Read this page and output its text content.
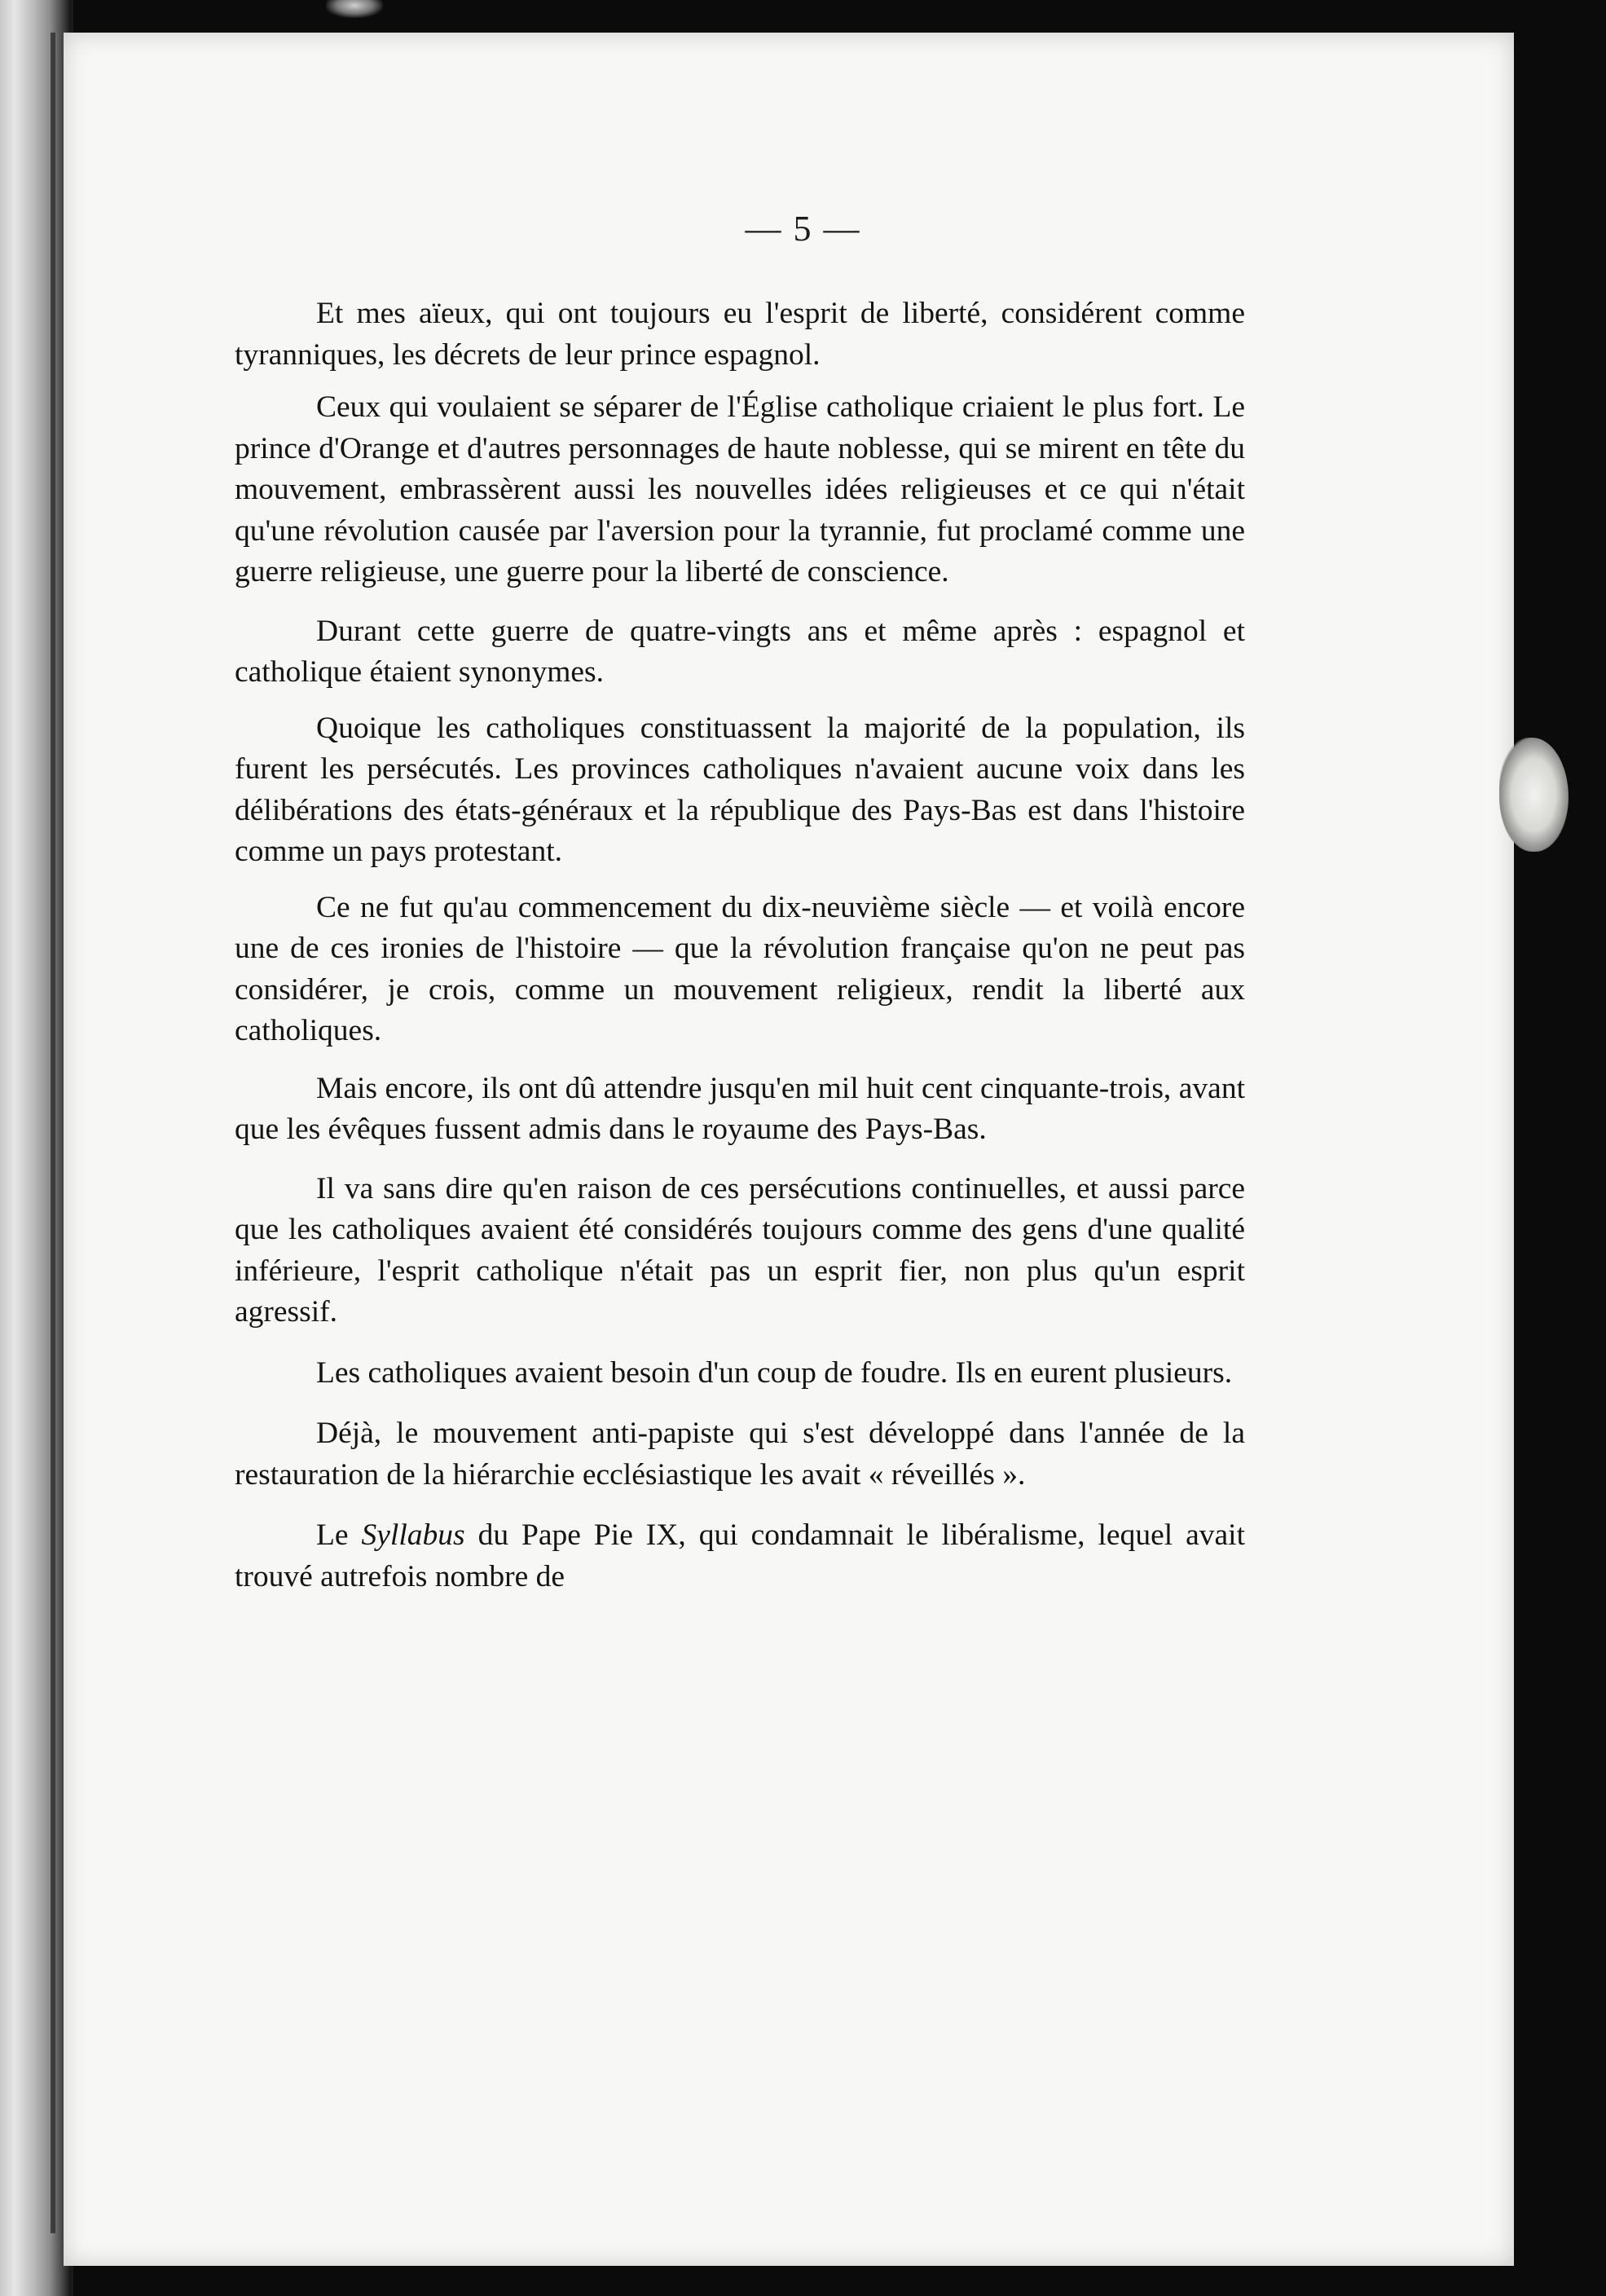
— 5 —

Et mes aïeux, qui ont toujours eu l'esprit de liberté, considérent comme tyranniques, les décrets de leur prince espagnol.

Ceux qui voulaient se séparer de l'Église catholique criaient le plus fort. Le prince d'Orange et d'autres personnages de haute noblesse, qui se mirent en tête du mouvement, embrassèrent aussi les nouvelles idées religieuses et ce qui n'était qu'une révolution causée par l'aversion pour la tyrannie, fut proclamé comme une guerre religieuse, une guerre pour la liberté de conscience.

Durant cette guerre de quatre-vingts ans et même après : espagnol et catholique étaient synonymes.

Quoique les catholiques constituassent la majorité de la population, ils furent les persécutés. Les provinces catholiques n'avaient aucune voix dans les délibérations des états-généraux et la république des Pays-Bas est dans l'histoire comme un pays protestant.

Ce ne fut qu'au commencement du dix-neuvième siècle — et voilà encore une de ces ironies de l'histoire — que la révolution française qu'on ne peut pas considérer, je crois, comme un mouvement religieux, rendit la liberté aux catholiques.

Mais encore, ils ont dû attendre jusqu'en mil huit cent cinquante-trois, avant que les évêques fussent admis dans le royaume des Pays-Bas.

Il va sans dire qu'en raison de ces persécutions continuelles, et aussi parce que les catholiques avaient été considérés toujours comme des gens d'une qualité inférieure, l'esprit catholique n'était pas un esprit fier, non plus qu'un esprit agressif.

Les catholiques avaient besoin d'un coup de foudre. Ils en eurent plusieurs.

Déjà, le mouvement anti-papiste qui s'est développé dans l'année de la restauration de la hiérarchie ecclésiastique les avait « réveillés ».

Le Syllabus du Pape Pie IX, qui condamnait le libéralisme, lequel avait trouvé autrefois nombre de
